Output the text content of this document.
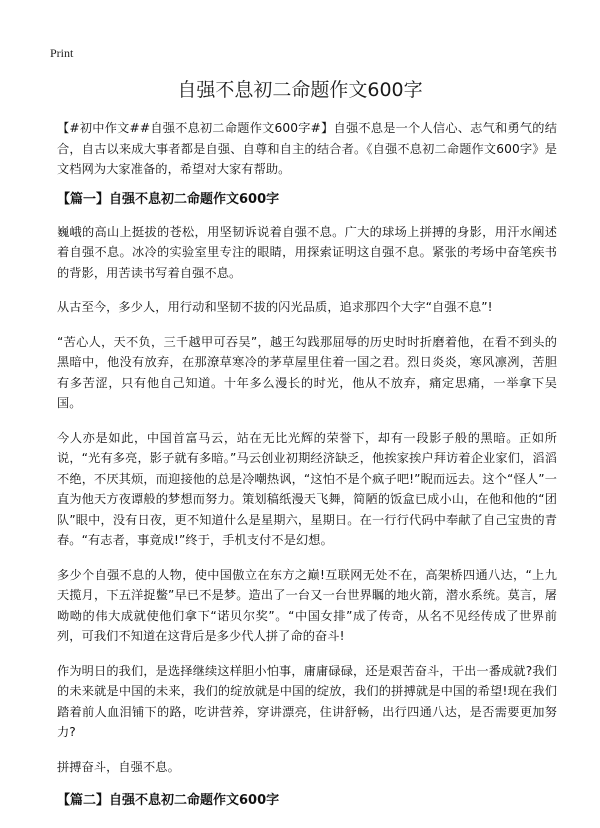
Print
自强不息初二命题作文600字

【#初中作文##自强不息初二命题作文600字#】自强不息是一个人信心、志气和勇气的结合，自古以来成大事者都是自强、自尊和自主的结合者。《自强不息初二命题作文600字》是文档网为大家准备的，希望对大家有帮助。

【篇一】自强不息初二命题作文600字

巍峨的高山上挺拔的苍松，用坚韧诉说着自强不息。广大的球场上拼搏的身影，用汗水阐述着自强不息。冰冷的实验室里专注的眼睛，用探索证明这自强不息。紧张的考场中奋笔疾书的背影，用苦读书写着自强不息。

从古至今，多少人，用行动和坚韧不拔的闪光品质，追求那四个大字“自强不息”!

“苦心人，天不负，三千越甲可吞吴”，越王勾践那屈辱的历史时时折磨着他，在看不到头的黑暗中，他没有放弃，在那潦草寒冷的茅草屋里住着一国之君。烈日炎炎，寒风凛冽，苦胆有多苦涩，只有他自己知道。十年多么漫长的时光，他从不放弃，痛定思痛，一举拿下吴国。

今人亦是如此，中国首富马云，站在无比光辉的荣誉下，却有一段影子般的黑暗。正如所说，“光有多亮，影子就有多暗。”马云创业初期经济缺乏，他挨家挨户拜访着企业家们，滔滔不绝，不厌其烦，而迎接他的总是冷嘲热讽，“这怕不是个疯子吧!”睨而远去。这个“怪人”一直为他天方夜谭般的梦想而努力。策划稿纸漫天飞舞，简陋的饭盒已成小山，在他和他的“团队”眼中，没有日夜，更不知道什么是星期六，星期日。在一行行代码中奉献了自己宝贵的青春。“有志者，事竟成!”终于，手机支付不是幻想。

多少个自强不息的人物，使中国傲立在东方之巅!互联网无处不在，高架桥四通八达，“上九天揽月，下五洋捉鳖”早已不是梦。造出了一台又一台世界瞩的地火箭，潜水系统。莫言，屠呦呦的伟大成就使他们拿下“诺贝尔奖”。“中国女排”成了传奇，从名不见经传成了世界前列，可我们不知道在这背后是多少代人拼了命的奋斗!

作为明日的我们，是选择继续这样胆小怕事，庸庸碌碌，还是艰苦奋斗，干出一番成就?我们的未来就是中国的未来，我们的绽放就是中国的绽放，我们的拼搏就是中国的希望!现在我们踏着前人血泪铺下的路，吃讲营养，穿讲漂亮，住讲舒畅，出行四通八达，是否需要更加努力?

拼搏奋斗，自强不息。

【篇二】自强不息初二命题作文600字
